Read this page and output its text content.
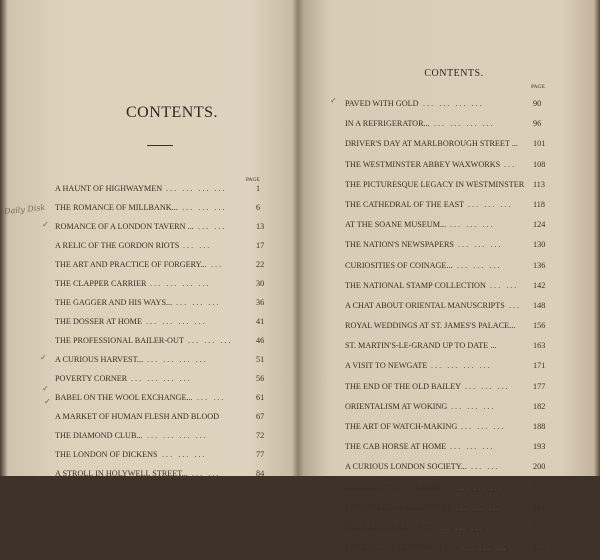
CONTENTS.
PAGE
Daily Disk
✓
✓
✓
✓
A HAUNT OF HIGHWAYMEN ... ... ... ...	1
THE ROMANCE OF MILLBANK... ... ... ...	6
ROMANCE OF A LONDON TAVERN ... ... ...	13
A RELIC OF THE GORDON RIOTS ... ...	17
THE ART AND PRACTICE OF FORGERY... ...	22
THE CLAPPER CARRIER ... ... ... ...	30
THE GAGGER AND HIS WAYS... ... ... ...	36
THE DOSSER AT HOME ... ... ... ...	41
THE PROFESSIONAL BAILER-OUT ... ... ...	46
A CURIOUS HARVEST... ... ... ... ...	51
POVERTY CORNER ... ... ... ...	56
BABEL ON THE WOOL EXCHANGE... ... ...	61
A MARKET OF HUMAN FLESH AND BLOOD	67
THE DIAMOND CLUB... ... ... ... ...	72
THE LONDON OF DICKENS ... ... ...	77
A STROLL IN HOLYWELL STREET... ... ...	84
CONTENTS.
PAGE
✓ PAVED WITH GOLD ... ... ... ...	90
IN A REFRIGERATOR... ... ... ... ...	96
DRIVER'S DAY AT MARLBOROUGH STREET ... 101
THE WESTMINSTER ABBEY WAXWORKS ... 108
THE PICTURESQUE LEGACY IN WESTMINSTER 113
THE CATHEDRAL OF THE EAST ... ... ... 118
AT THE SOANE MUSEUM... ... ... ...	124
THE NATION'S NEWSPAPERS ... ... ...	130
CURIOSITIES OF COINAGE... ... ... ...	136
THE NATIONAL STAMP COLLECTION ... ... 142
A CHAT ABOUT ORIENTAL MANUSCRIPTS ... 148
ROYAL WEDDINGS AT ST. JAMES'S PALACE... 156
ST. MARTIN'S-LE-GRAND UP TO DATE ...	163
A VISIT TO NEWGATE ... ... ... ...	171
THE END OF THE OLD BAILEY ... ... ...	177
ORIENTALISM AT WOKING ... ... ...	182
THE ART OF WATCH-MAKING ... ... ...	188
THE CAB HORSE AT HOME ... ... ...	193
A CURIOUS LONDON SOCIETY... ... ...	200
DOOMED CITY CHURCHES... ... ... ...	205
THE CHIEL IN PARLIAMENT ... ... ...	211
THE LAST OF ASTLEY'S ... ... ...	218
THE LAST OF CLEMENT'S INN ... ... ...	223
